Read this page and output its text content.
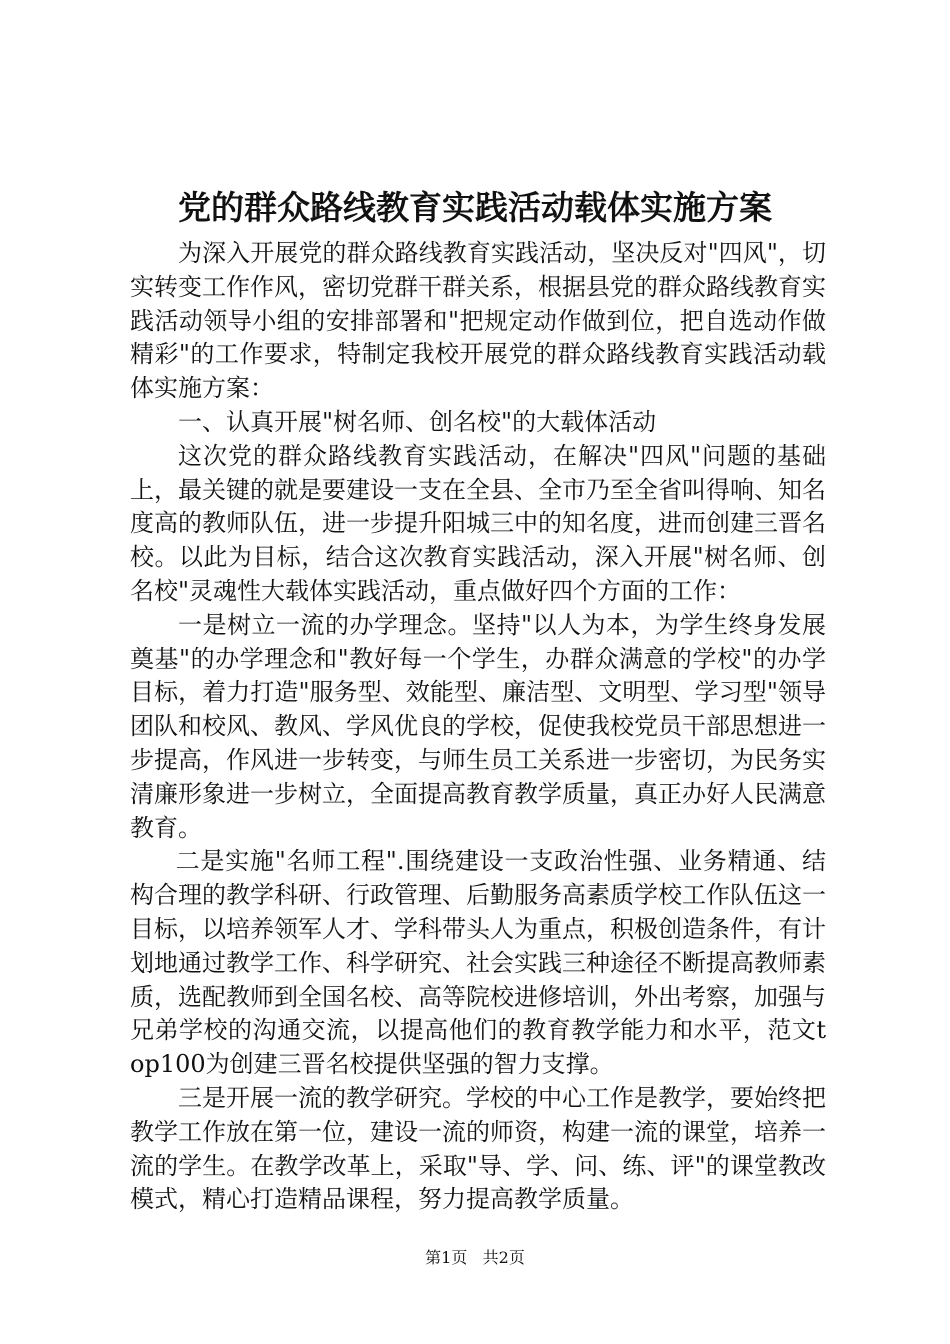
党的群众路线教育实践活动载体实施方案

为深入开展党的群众路线教育实践活动，坚决反对"四风"，切实转变工作作风，密切党群干群关系，根据县党的群众路线教育实践活动领导小组的安排部署和"把规定动作做到位，把自选动作做精彩"的工作要求，特制定我校开展党的群众路线教育实践活动载体实施方案：

一、认真开展"树名师、创名校"的大载体活动

这次党的群众路线教育实践活动，在解决"四风"问题的基础上，最关键的就是要建设一支在全县、全市乃至全省叫得响、知名度高的教师队伍，进一步提升阳城三中的知名度，进而创建三晋名校。以此为目标，结合这次教育实践活动，深入开展"树名师、创名校"灵魂性大载体实践活动，重点做好四个方面的工作：

一是树立一流的办学理念。坚持"以人为本，为学生终身发展奠基"的办学理念和"教好每一个学生，办群众满意的学校"的办学目标，着力打造"服务型、效能型、廉洁型、文明型、学习型"领导团队和校风、教风、学风优良的学校，促使我校党员干部思想进一步提高，作风进一步转变，与师生员工关系进一步密切，为民务实清廉形象进一步树立，全面提高教育教学质量，真正办好人民满意教育。

二是实施"名师工程".围绕建设一支政治性强、业务精通、结构合理的教学科研、行政管理、后勤服务高素质学校工作队伍这一目标，以培养领军人才、学科带头人为重点，积极创造条件，有计划地通过教学工作、科学研究、社会实践三种途径不断提高教师素质，选配教师到全国名校、高等院校进修培训，外出考察，加强与兄弟学校的沟通交流，以提高他们的教育教学能力和水平，范文top100为创建三晋名校提供坚强的智力支撑。

三是开展一流的教学研究。学校的中心工作是教学，要始终把教学工作放在第一位，建设一流的师资，构建一流的课堂，培养一流的学生。在教学改革上，采取"导、学、问、练、评"的课堂教改模式，精心打造精品课程，努力提高教学质量。

第1页 共2页
